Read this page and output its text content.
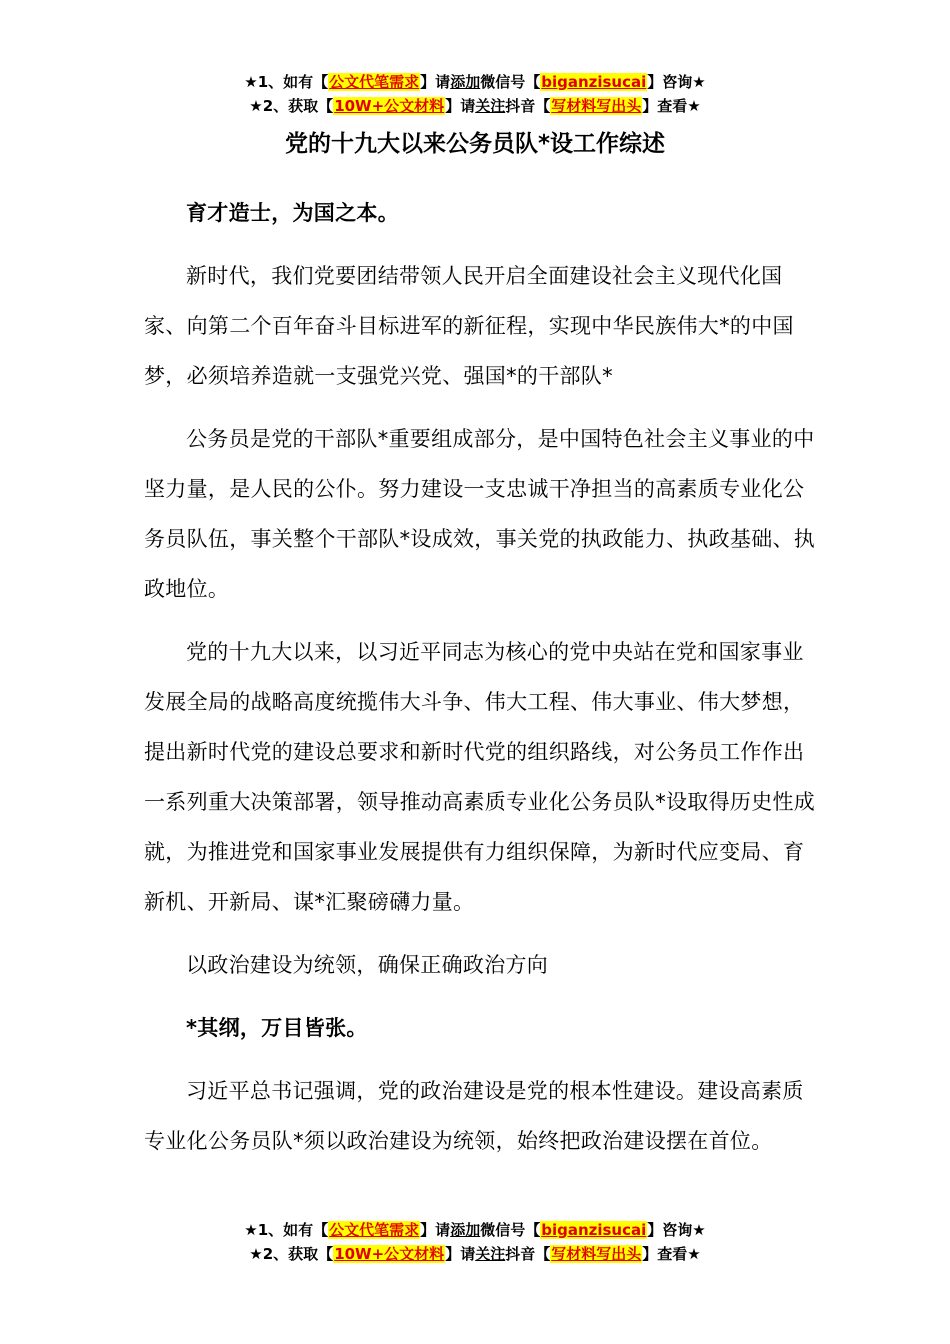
★1、如有【公文代笔需求】请添加微信号【biganzisucai】咨询★
★2、获取【10W+公文材料】请关注抖音【写材料写出头】查看★
党的十九大以来公务员队*设工作综述

育才造士，为国之本。

新时代，我们党要团结带领人民开启全面建设社会主义现代化国家、向第二个百年奋斗目标进军的新征程，实现中华民族伟大*的中国梦，必须培养造就一支强党兴党、强国*的干部队*

公务员是党的干部队*重要组成部分，是中国特色社会主义事业的中坚力量，是人民的公仆。努力建设一支忠诚干净担当的高素质专业化公务员队伍，事关整个干部队*设成效，事关党的执政能力、执政基础、执政地位。

党的十九大以来，以习近平同志为核心的党中央站在党和国家事业发展全局的战略高度统揽伟大斗争、伟大工程、伟大事业、伟大梦想，提出新时代党的建设总要求和新时代党的组织路线，对公务员工作作出一系列重大决策部署，领导推动高素质专业化公务员队*设取得历史性成就，为推进党和国家事业发展提供有力组织保障，为新时代应变局、育新机、开新局、谋*汇聚磅礴力量。

以政治建设为统领，确保正确政治方向

*其纲，万目皆张。

习近平总书记强调，党的政治建设是党的根本性建设。建设高素质专业化公务员队*须以政治建设为统领，始终把政治建设摆在首位。

★1、如有【公文代笔需求】请添加微信号【biganzisucai】咨询★
★2、获取【10W+公文材料】请关注抖音【写材料写出头】查看★
